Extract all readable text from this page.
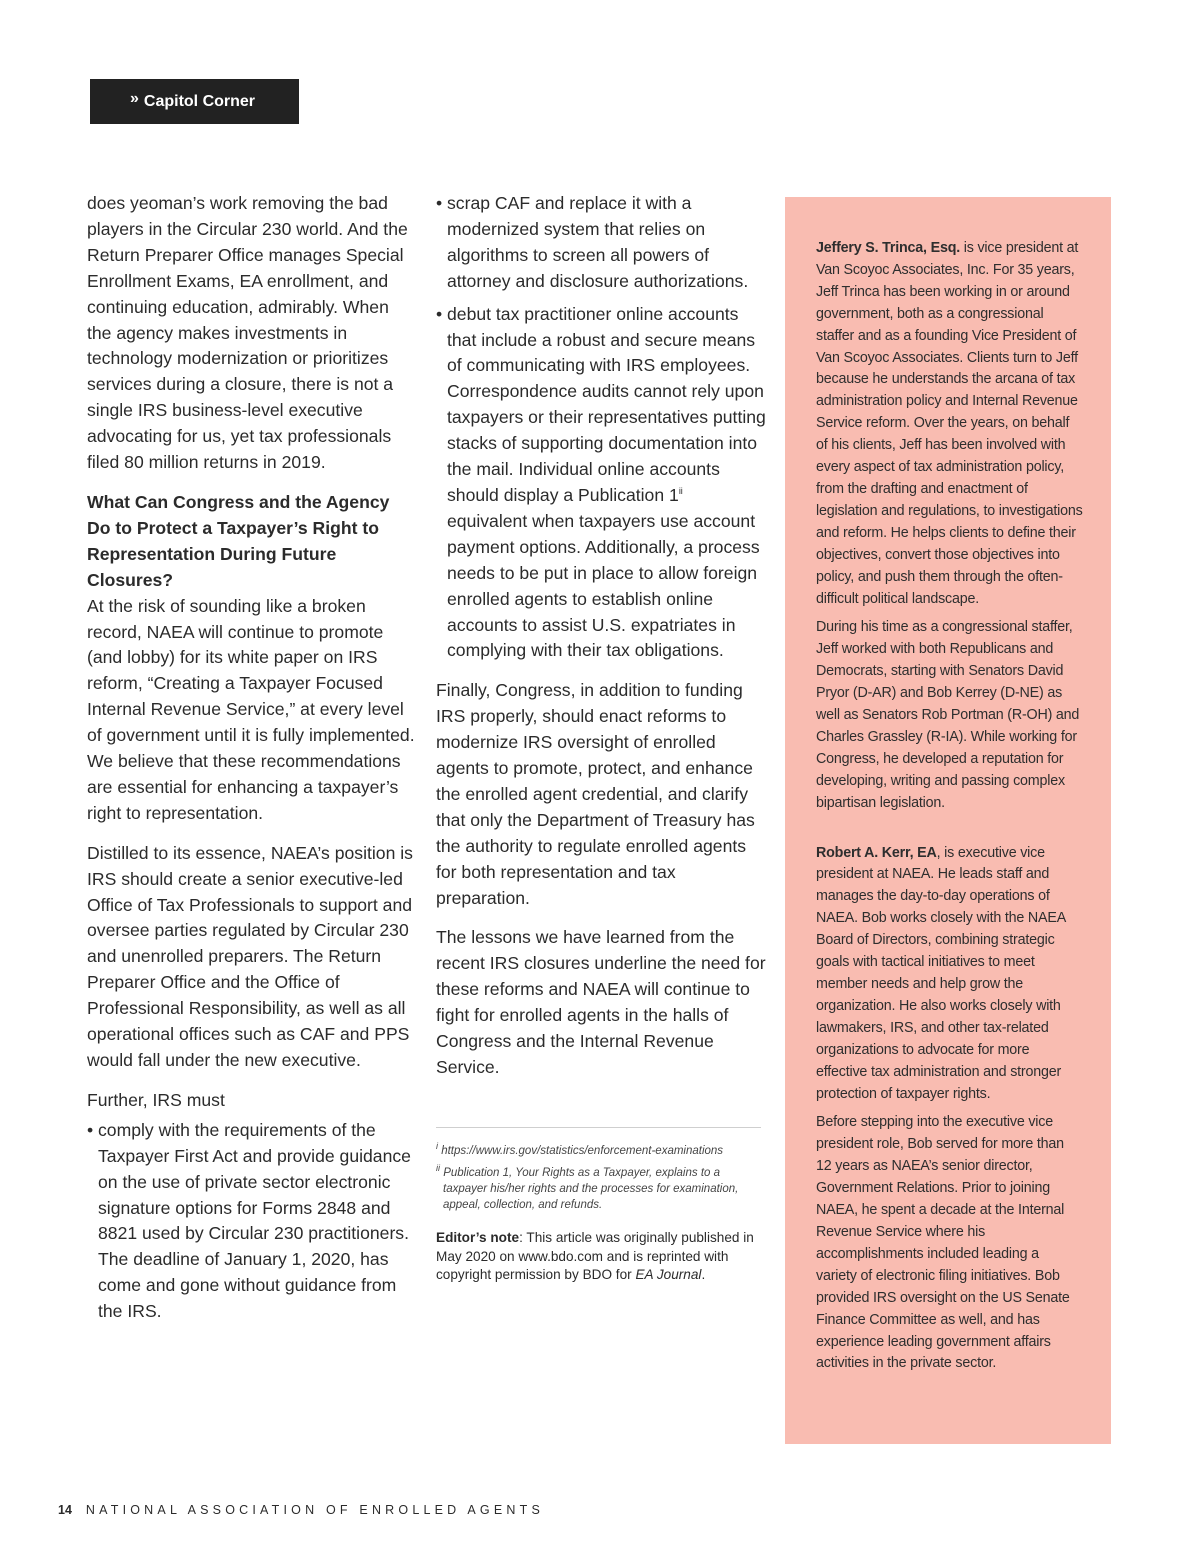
» Capitol Corner

does yeoman’s work removing the bad players in the Circular 230 world. And the Return Preparer Office manages Special Enrollment Exams, EA enrollment, and continuing education, admirably. When the agency makes investments in technology modernization or prioritizes services during a closure, there is not a single IRS business-level executive advocating for us, yet tax professionals filed 80 million returns in 2019.

What Can Congress and the Agency Do to Protect a Taxpayer’s Right to Representation During Future Closures?
At the risk of sounding like a broken record, NAEA will continue to promote (and lobby) for its white paper on IRS reform, “Creating a Taxpayer Focused Internal Revenue Service,” at every level of government until it is fully implemented. We believe that these recommendations are essential for enhancing a taxpayer’s right to representation.

Distilled to its essence, NAEA’s position is IRS should create a senior executive-led Office of Tax Professionals to support and oversee parties regulated by Circular 230 and unenrolled preparers. The Return Preparer Office and the Office of Professional Responsibility, as well as all operational offices such as CAF and PPS would fall under the new executive.

Further, IRS must

• comply with the requirements of the Taxpayer First Act and provide guidance on the use of private sector electronic signature options for Forms 2848 and 8821 used by Circular 230 practitioners. The deadline of January 1, 2020, has come and gone without guidance from the IRS.
• scrap CAF and replace it with a modernized system that relies on algorithms to screen all powers of attorney and disclosure authorizations.
• debut tax practitioner online accounts that include a robust and secure means of communicating with IRS employees. Correspondence audits cannot rely upon taxpayers or their representatives putting stacks of supporting documentation into the mail. Individual online accounts should display a Publication 1$^{ii}$ equivalent when taxpayers use account payment options. Additionally, a process needs to be put in place to allow foreign enrolled agents to establish online accounts to assist U.S. expatriates in complying with their tax obligations.

Finally, Congress, in addition to funding IRS properly, should enact reforms to modernize IRS oversight of enrolled agents to promote, protect, and enhance the enrolled agent credential, and clarify that only the Department of Treasury has the authority to regulate enrolled agents for both representation and tax preparation.

The lessons we have learned from the recent IRS closures underline the need for these reforms and NAEA will continue to fight for enrolled agents in the halls of Congress and the Internal Revenue Service.

$^i$ https://www.irs.gov/statistics/enforcement-examinations
$^{ii}$ Publication 1, Your Rights as a Taxpayer, explains to a taxpayer his/her rights and the processes for examination, appeal, collection, and refunds.
Editor’s note: This article was originally published in May 2020 on www.bdo.com and is reprinted with copyright permission by BDO for EA Journal.

Jeffery S. Trinca, Esq. is vice president at Van Scoyoc Associates, Inc. For 35 years, Jeff Trinca has been working in or around government, both as a congressional staffer and as a founding Vice President of Van Scoyoc Associates. Clients turn to Jeff because he understands the arcana of tax administration policy and Internal Revenue Service reform. Over the years, on behalf of his clients, Jeff has been involved with every aspect of tax administration policy, from the drafting and enactment of legislation and regulations, to investigations and reform. He helps clients to define their objectives, convert those objectives into policy, and push them through the often-difficult political landscape.

During his time as a congressional staffer, Jeff worked with both Republicans and Democrats, starting with Senators David Pryor (D-AR) and Bob Kerrey (D-NE) as well as Senators Rob Portman (R-OH) and Charles Grassley (R-IA). While working for Congress, he developed a reputation for developing, writing and passing complex bipartisan legislation.

Robert A. Kerr, EA, is executive vice president at NAEA. He leads staff and manages the day-to-day operations of NAEA. Bob works closely with the NAEA Board of Directors, combining strategic goals with tactical initiatives to meet member needs and help grow the organization. He also works closely with lawmakers, IRS, and other tax-related organizations to advocate for more effective tax administration and stronger protection of taxpayer rights.

Before stepping into the executive vice president role, Bob served for more than 12 years as NAEA’s senior director, Government Relations. Prior to joining NAEA, he spent a decade at the Internal Revenue Service where his accomplishments included leading a variety of electronic filing initiatives. Bob provided IRS oversight on the US Senate Finance Committee as well, and has experience leading government affairs activities in the private sector.

14 NATIONAL ASSOCIATION OF ENROLLED AGENTS
